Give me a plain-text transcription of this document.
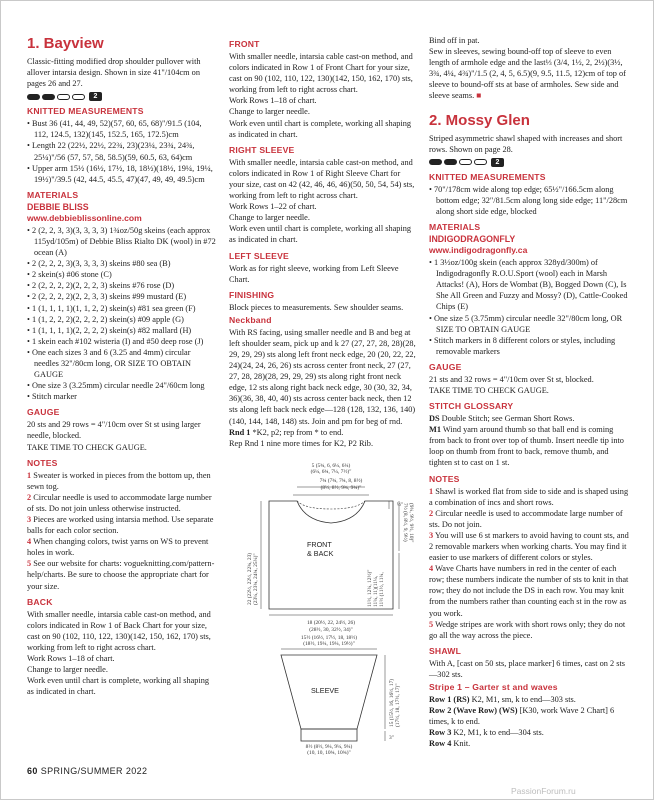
1. Bayview

Classic-fitting modified drop shoulder pullover with allover intarsia design. Shown in size 41"/104cm on pages 26 and 27.

2
KNITTED MEASUREMENTS

• Bust 36 (41, 44, 49, 52)(57, 60, 65, 68)"/91.5 (104, 112, 124.5, 132)(145, 152.5, 165, 172.5)cm

• Length 22 (22½, 22½, 22¾, 23)(23¼, 23¾, 24¾, 25¼)"/56 (57, 57, 58, 58.5)(59, 60.5, 63, 64)cm

• Upper arm 15½ (16½, 17½, 18, 18½)(18½, 19¼, 19¼, 19½)"/39.5 (42, 44.5, 45.5, 47)(47, 49, 49, 49.5)cm

MATERIALS
DEBBIE BLISS
www.debbieblissonline.com

• 2 (2, 2, 3, 3)(3, 3, 3, 3) 1¾oz/50g skeins (each approx 115yd/105m) of Debbie Bliss Rialto DK (wool) in #72 ocean (A)

• 2 (2, 2, 2, 3)(3, 3, 3, 3) skeins #80 sea (B)

• 2 skein(s) #06 stone (C)

• 2 (2, 2, 2, 2)(2, 2, 2, 3) skeins #76 rose (D)

• 2 (2, 2, 2, 2)(2, 2, 3, 3) skeins #99 mustard (E)

• 1 (1, 1, 1, 1)(1, 1, 2, 2) skein(s) #81 sea green (F)

• 1 (1, 2, 2, 2)(2, 2, 2, 2) skein(s) #09 apple (G)

• 1 (1, 1, 1, 1)(2, 2, 2, 2) skein(s) #82 mallard (H)

• 1 skein each #102 wisteria (I) and #50 deep rose (J)

• One each sizes 3 and 6 (3.25 and 4mm) circular needles 32"/80cm long, OR SIZE TO OBTAIN GAUGE

• One size 3 (3.25mm) circular needle 24"/60cm long

• Stitch marker

GAUGE

20 sts and 29 rows = 4"/10cm over St st using larger needle, blocked.

TAKE TIME TO CHECK GAUGE.

NOTES

1 Sweater is worked in pieces from the bottom up, then sewn tog.

2 Circular needle is used to accommodate large number of sts. Do not join unless otherwise instructed.

3 Pieces are worked using intarsia method. Use separate balls for each color section.

4 When changing colors, twist yarns on WS to prevent holes in work.

5 See our website for charts: vogueknitting.com/pattern-help/charts. Be sure to choose the appropriate chart for your size.

BACK

With smaller needle, intarsia cable cast-on method, and colors indicated in Row 1 of Back Chart for your size, cast on 90 (102, 110, 122, 130)(142, 150, 162, 170) sts, working from left to right across chart.

Work Rows 1–18 of chart.

Change to larger needle.

Work even until chart is complete, working all shaping as indicated in chart.

FRONT

With smaller needle, intarsia cable cast-on method, and colors indicated in Row 1 of Front Chart for your size, cast on 90 (102, 110, 122, 130)(142, 150, 162, 170) sts, working from left to right across chart.

Work Rows 1–18 of chart.

Change to larger needle.

Work even until chart is complete, working all shaping as indicated in chart.

RIGHT SLEEVE

With smaller needle, intarsia cable cast-on method, and colors indicated in Row 1 of Right Sleeve Chart for your size, cast on 42 (42, 46, 46, 46)(50, 50, 54, 54) sts, working from left to right across chart.

Work Rows 1–22 of chart.

Change to larger needle.

Work even until chart is complete, working all shaping as indicated in chart.

LEFT SLEEVE

Work as for right sleeve, working from Left Sleeve Chart.

FINISHING

Block pieces to measurements. Sew shoulder seams.

Neckband

With RS facing, using smaller needle and B and beg at left shoulder seam, pick up and k 27 (27, 27, 28, 28)(28, 29, 29, 29) sts along left front neck edge, 20 (20, 22, 22, 24)(24, 24, 26, 26) sts across center front neck, 27 (27, 27, 28, 28)(28, 29, 29, 29) sts along right front neck edge, 12 sts along right back neck edge, 30 (30, 32, 34, 36)(36, 38, 40, 40) sts across center back neck, then 12 sts along left back neck edge—128 (128, 132, 136, 140)(140, 144, 148, 148) sts. Join and pm for beg of rnd.

Rnd 1 *K2, p2; rep from * to end.

Rep Rnd 1 nine more times for K2, P2 Rib.

5 (5¾, 6, 6¼, 6¼)
(6¼, 6¾, 7¼, 7½)"
7¾ (7¾, 7¾, 8, 8½)
(8½, 8½, 9¾, 9¾)"
½"
FRONT
& BACK
18 (20½, 22, 24½, 26)
(28½, 30, 32½, 34)"
22 (22½, 22½, 22¾, 23) (23¼, 23¾, 24¾, 25¼)"
7½ (8, 8½, 9, 9½) (9¼, 9½, 9½, 10)"
11½ (11½, 11¼,
11¼, 11)(11¼,
11½, 12¼, 12½)"
15½ (16½, 17½, 18, 18½)
(18½, 19¼, 19¼, 19½)"
SLEEVE	15 (15½, 16, 16½, 17) (17½, 18, 17½, 17)"
3"
8½ (8½, 9¼, 9¼, 9¼)
(10, 10, 10¾, 10¾)"

Bind off in pat.

Sew in sleeves, sewing bound-off top of sleeve to even length of armhole edge and the last⅓ (3/4, 1½, 2, 2½)(3½, 3¾, 4¼, 4¾)"/1.5 (2, 4, 5, 6.5)(9, 9.5, 11.5, 12)cm of top of sleeve to bound-off sts at base of armholes. Sew side and sleeve seams. ■

2. Mossy Glen

Striped asymmetric shawl shaped with increases and short rows. Shown on page 28.

2
KNITTED MEASUREMENTS

• 70"/178cm wide along top edge; 65½"/166.5cm along bottom edge; 32"/81.5cm along long side edge; 11"/28cm along short side edge, blocked

MATERIALS
INDIGODRAGONFLY
www.indigodragonfly.ca

• 1 3½oz/100g skein (each approx 328yd/300m) of Indigodragonfly R.O.U.Sport (wool) each in Marsh Attacks! (A), Hors de Wombat (B), Bogged Down (C), Is She All Green and Fuzzy and Mossy? (D), Cattle-Cooked Chips (E)

• One size 5 (3.75mm) circular needle 32"/80cm long, OR SIZE TO OBTAIN GAUGE

• Stitch markers in 8 different colors or styles, including removable markers

GAUGE

21 sts and 32 rows = 4"/10cm over St st, blocked.

TAKE TIME TO CHECK GAUGE.

STITCH GLOSSARY

DS Double Stitch; see German Short Rows.

M1 Wind yarn around thumb so that ball end is coming from back to front over top of thumb. Insert needle tip into loop on thumb from front to back, remove thumb, and tighten st to cast on 1 st.

NOTES

1 Shawl is worked flat from side to side and is shaped using a combination of incs and short rows.

2 Circular needle is used to accommodate large number of sts. Do not join.

3 You will use 6 st markers to avoid having to count sts, and 2 removable markers when working charts. You may find it easier to use markers of different colors or styles.

4 Wave Charts have numbers in red in the center of each row; these numbers indicate the number of sts to knit in that row; they do not include the DS in each row. You may knit from the numbers rather than counting each st in the row as you work.

5 Wedge stripes are work with short rows only; they do not go all the way across the piece.

SHAWL

With A, [cast on 50 sts, place marker] 6 times, cast on 2 sts—302 sts.

Stripe 1 – Garter st and waves

Row 1 (RS) K2, M1, sm, k to end—303 sts.

Row 2 (Wave Row) (WS) [K30, work Wave 2 Chart] 6 times, k to end.

Row 3 K2, M1, k to end—304 sts.

Row 4 Knit.

60 SPRING/SUMMER 2022
PassionForum.ru
